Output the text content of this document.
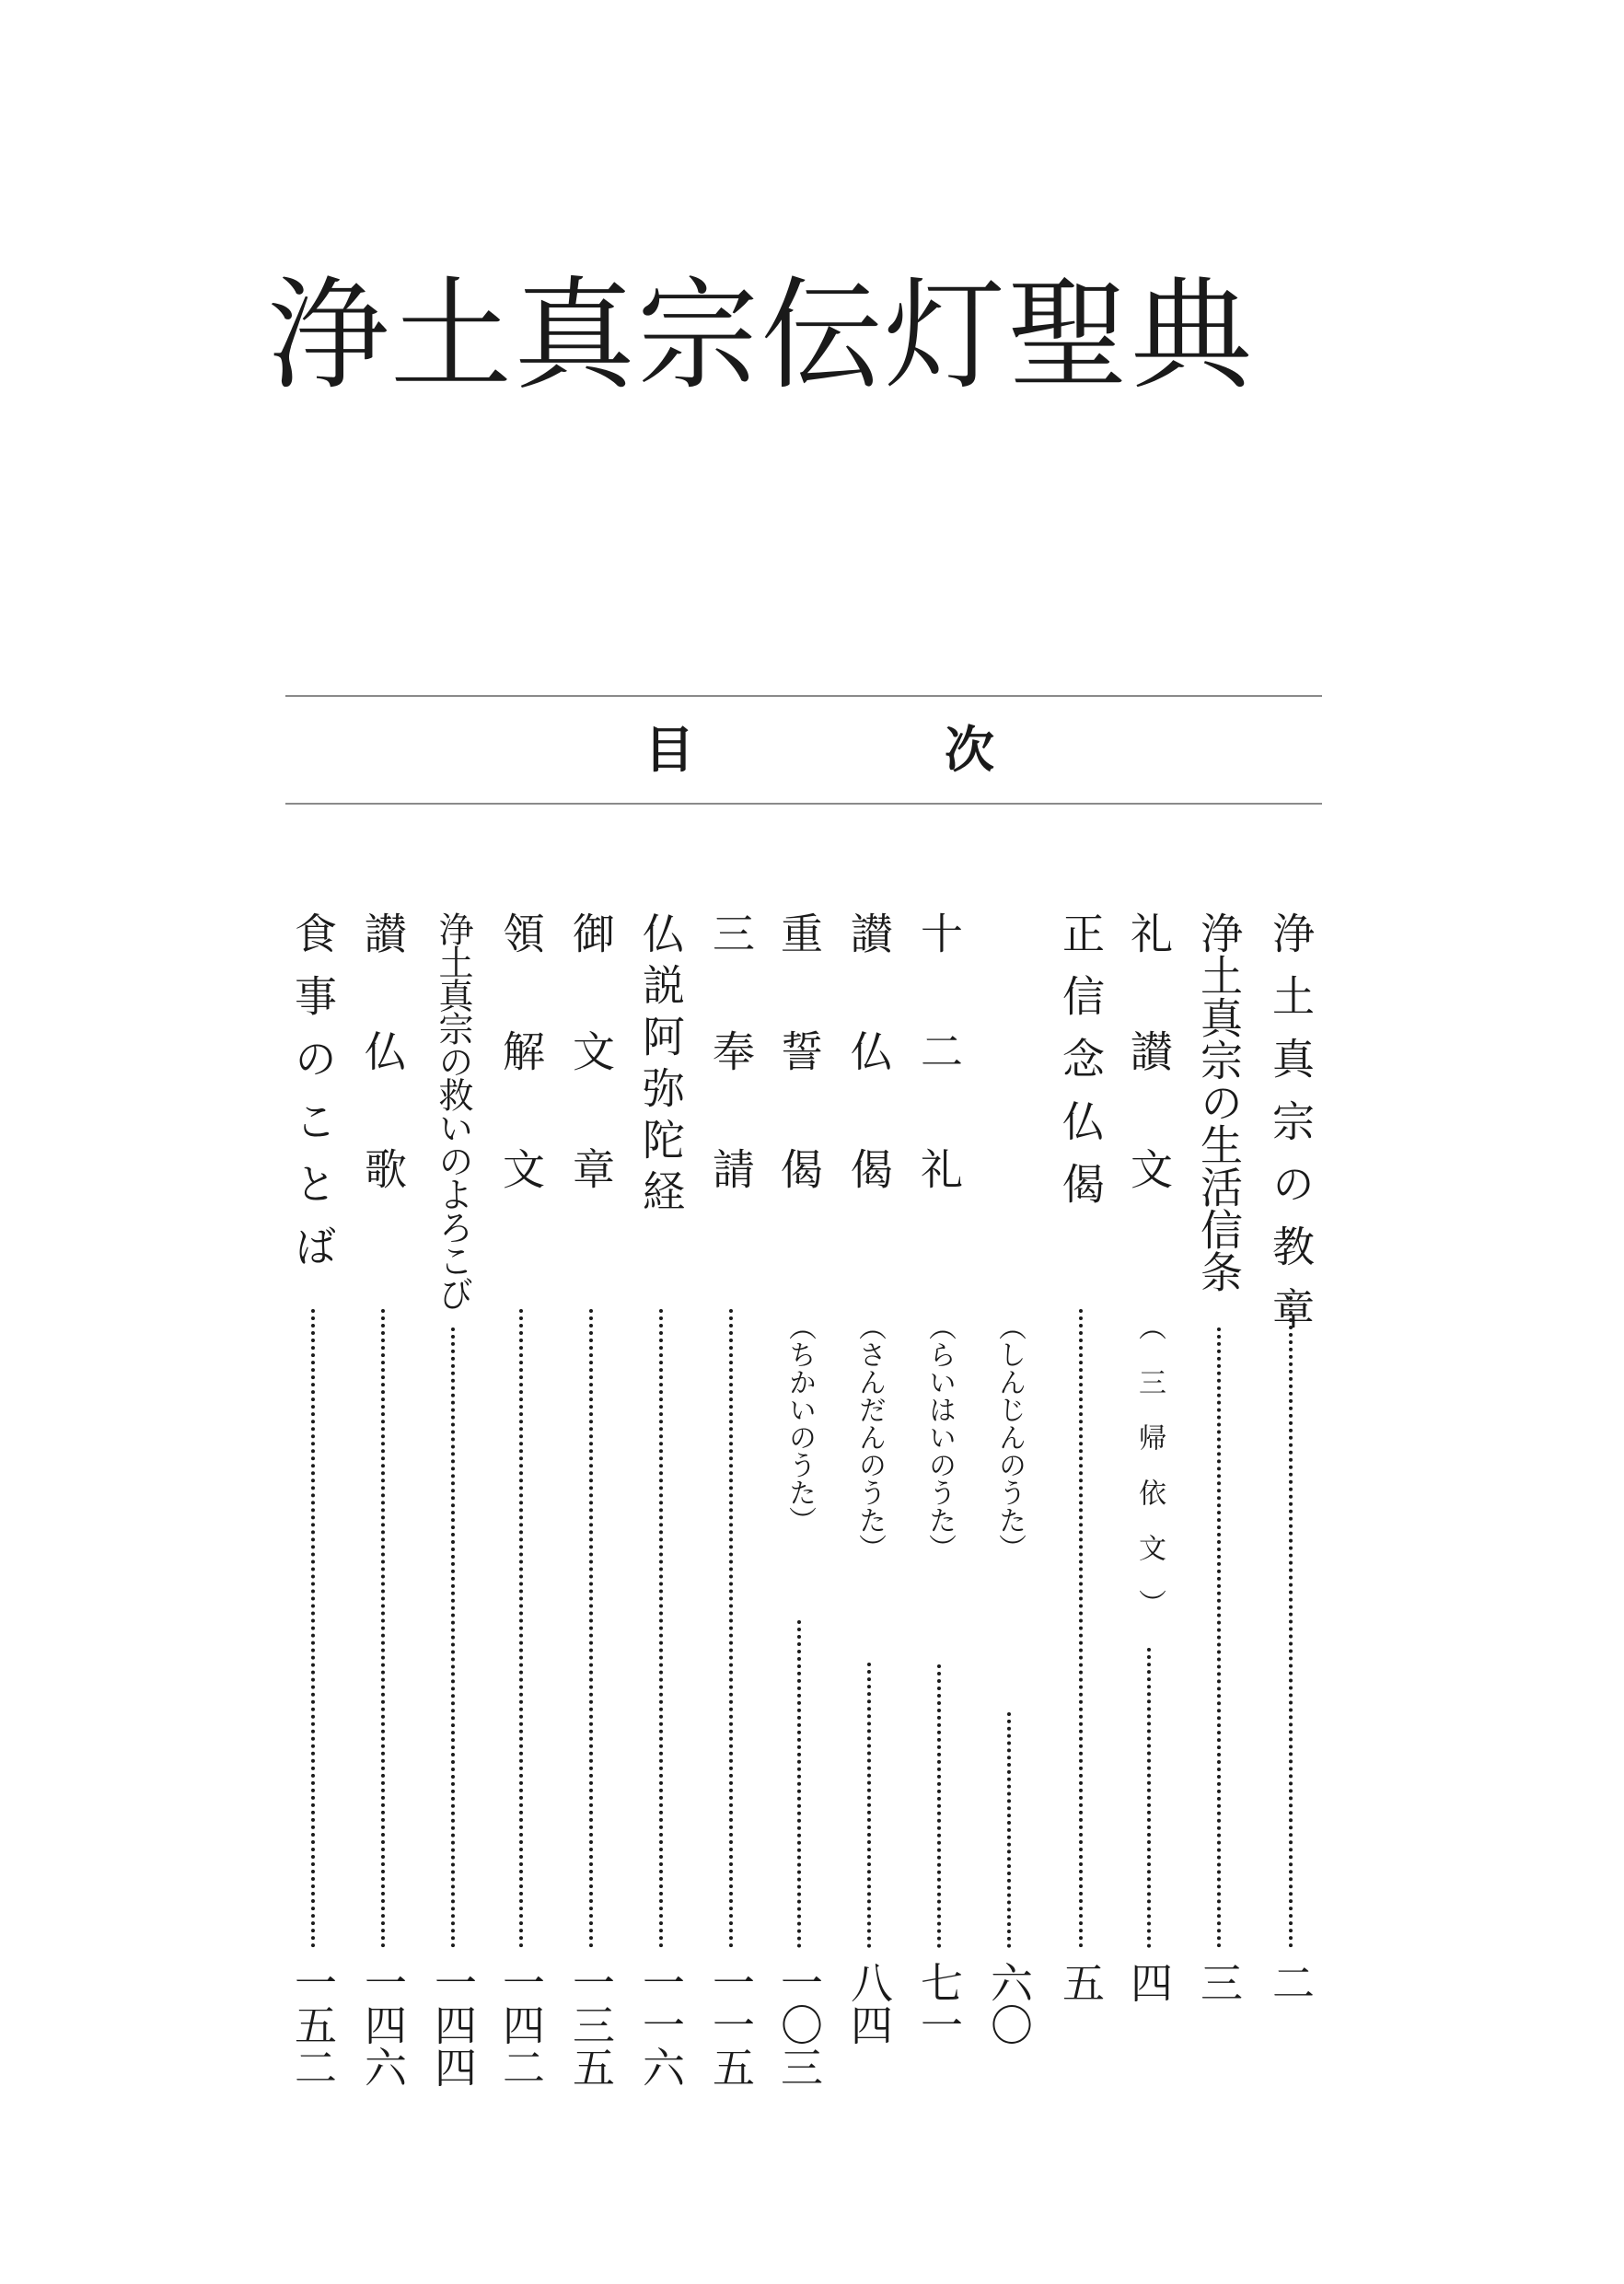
浄土真宗伝灯聖典
目	次
浄土真宗の教章
二
浄土真宗の生活信条
三
礼讃文
（三帰依文）
四
正信念仏偈
五
（しんじんのうた）
六〇
十二礼
（らいはいのうた）
七一
讃仏偈
（さんだんのうた）
八四
重誓偈
（ちかいのうた）
一〇三
三奉請
一一五
仏説阿弥陀経
一一六
御文章
一三五
領解文
一四二
浄土真宗の救いのよろこび
一四四
讃仏歌
一四六
食事のことば
一五二
